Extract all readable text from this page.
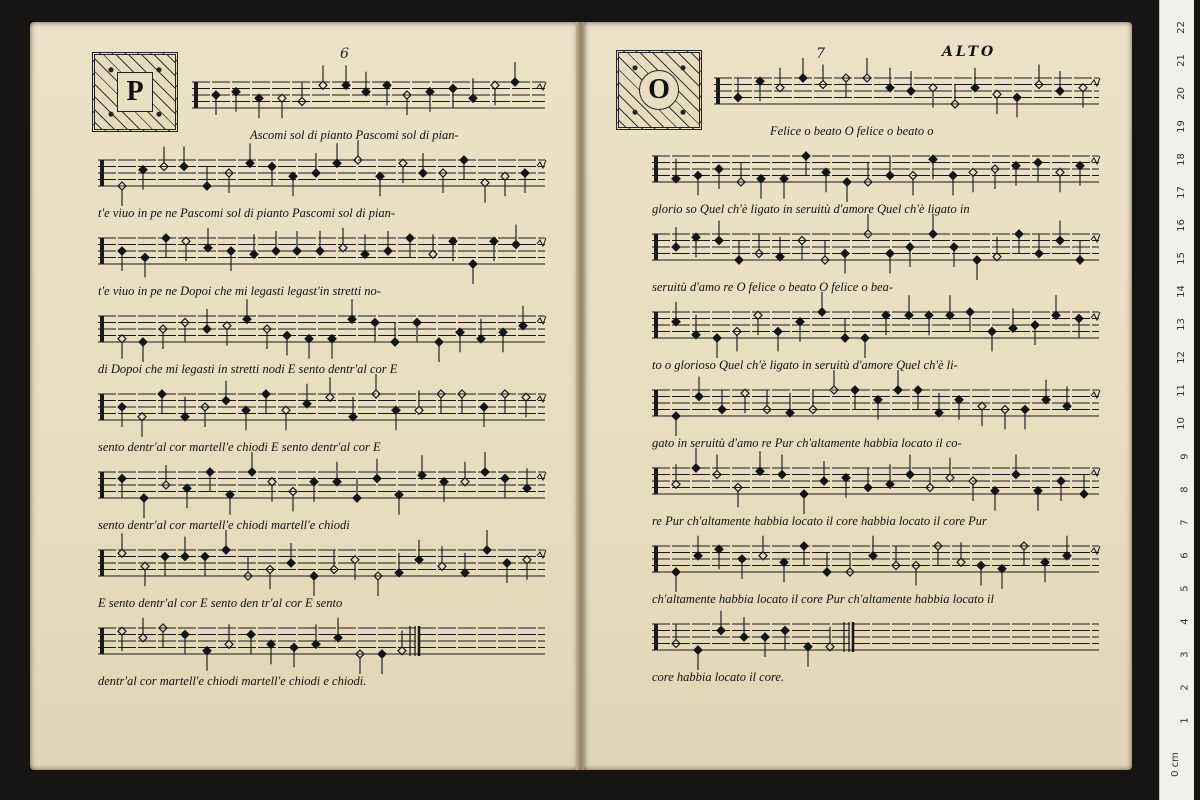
6
P
Ascomi sol di pianto Pascomi sol di pian-
t'e viuo in pe ne Pascomi sol di pianto Pascomi sol di pian-
t'e viuo in pe ne Dopoi che mi legasti legast'in stretti no-
di Dopoi che mi legasti in stretti nodi E sento dentr'al cor E
sento dentr'al cor martell'e chiodi E sento dentr'al cor E
sento dentr'al cor martell'e chiodi martell'e chiodi
E sento dentr'al cor E sento den tr'al cor E sento
dentr'al cor martell'e chiodi martell'e chiodi e chiodi.
7	ALTO
O
Felice o beato O felice o beato o
glorio so Quel ch'è ligato in seruitù d'amore Quel ch'è ligato in
seruitù d'amo re O felice o beato O felice o bea-
to o glorioso Quel ch'è ligato in seruitù d'amore Quel ch'è li-
gato in seruitù d'amo re Pur ch'altamente habbia locato il co-
re Pur ch'altamente habbia locato il core habbia locato il core Pur
ch'altamente habbia locato il core Pur ch'altamente habbia locato il
core habbia locato il core.
22
21
20
19
18
17
16
15
14
13
12
11
10
9
8
7
6
5
4
3
2
1
0 cm
